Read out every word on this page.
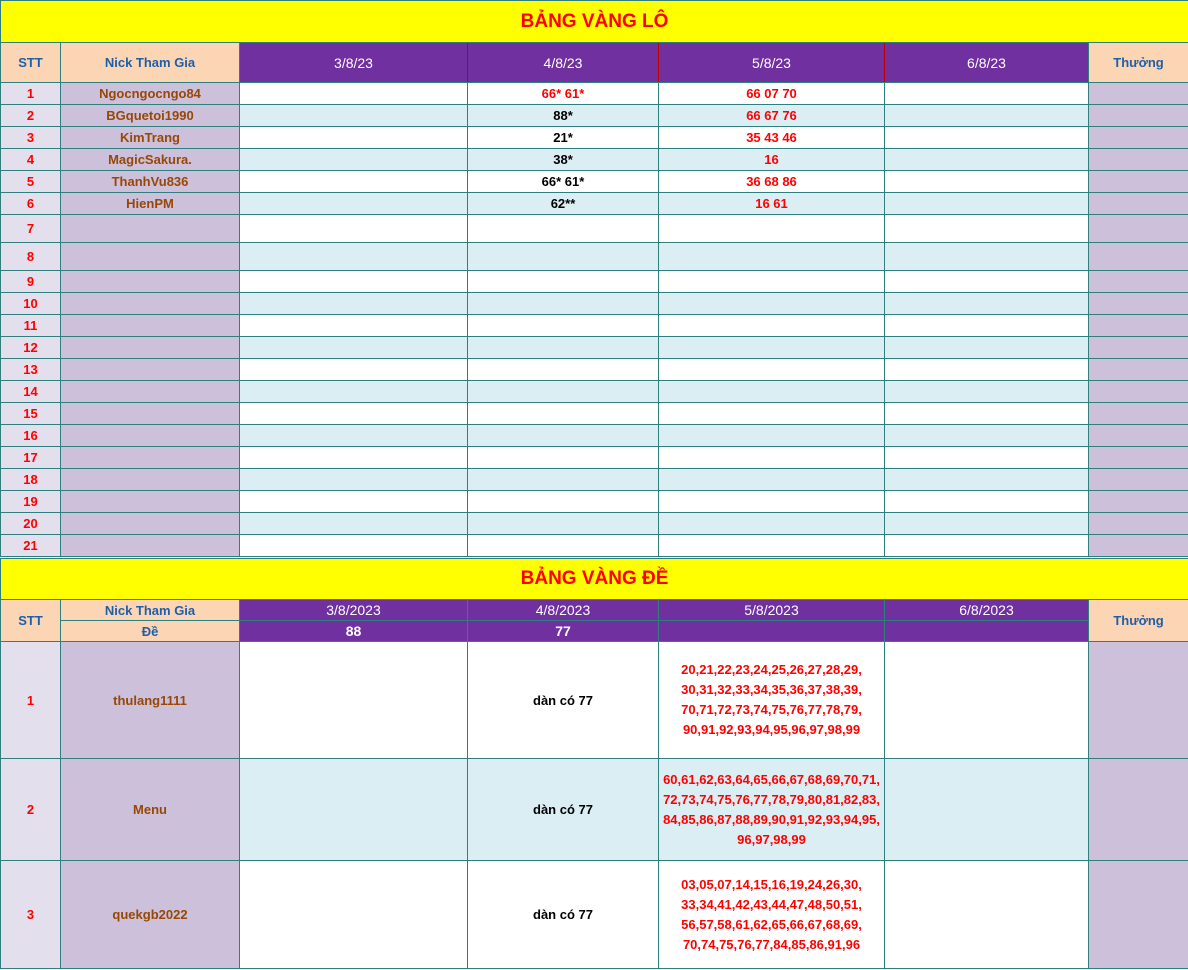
BẢNG VÀNG LÔ						
STT	Nick Tham Gia	3/8/23	4/8/23	5/8/23	6/8/23	Thưởng
1	Ngocngocngo84		66* 61*	66 07 70		
2	BGquetoi1990		88*	66 67 76		
3	KimTrang		21*	35 43 46		
4	MagicSakura.		38*	16		
5	ThanhVu836		66* 61*	36 68 86		
6	HienPM		62**	16 61		
7						
8						
9						
10						
11						
12						
13						
14						
15						
16						
17						
18						
19						
20						
21						
BẢNG VÀNG ĐỀ						
STT	Nick Tham Gia	3/8/2023	4/8/2023	5/8/2023	6/8/2023	Thưởng
	Đề	88	77			
1	thulang1111		dàn có 77	20,21,22,23,24,25,26,27,28,29,
30,31,32,33,34,35,36,37,38,39,
70,71,72,73,74,75,76,77,78,79,
90,91,92,93,94,95,96,97,98,99		

2	Menu		dàn có 77	60,61,62,63,64,65,66,67,68,69,70,71,
72,73,74,75,76,77,78,79,80,81,82,83,
84,85,86,87,88,89,90,91,92,93,94,95,
96,97,98,99		

3	quekgb2022		dàn có 77	03,05,07,14,15,16,19,24,26,30,
33,34,41,42,43,44,47,48,50,51,
56,57,58,61,62,65,66,67,68,69,
70,74,75,76,77,84,85,86,91,96		
